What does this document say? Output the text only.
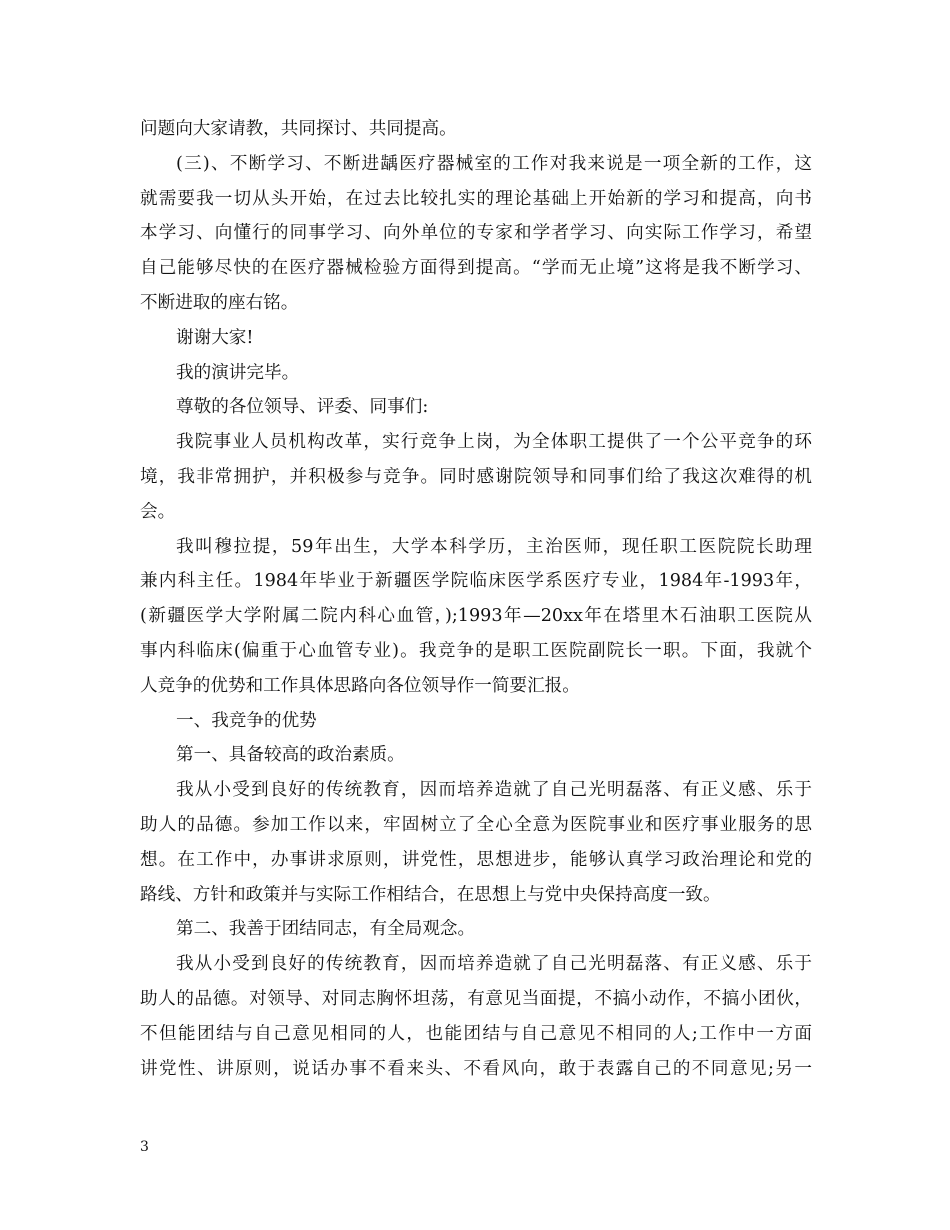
问题向大家请教，共同探讨、共同提高。
(三)、不断学习、不断进龋医疗器械室的工作对我来说是一项全新的工作，这
就需要我一切从头开始，在过去比较扎实的理论基础上开始新的学习和提高，向书
本学习、向懂行的同事学习、向外单位的专家和学者学习、向实际工作学习，希望
自己能够尽快的在医疗器械检验方面得到提高。“学而无止境”这将是我不断学习、
不断进取的座右铭。
谢谢大家!
我的演讲完毕。
尊敬的各位领导、评委、同事们:
我院事业人员机构改革，实行竞争上岗，为全体职工提供了一个公平竞争的环
境，我非常拥护，并积极参与竞争。同时感谢院领导和同事们给了我这次难得的机
会。
我叫穆拉提，59年出生，大学本科学历，主治医师，现任职工医院院长助理
兼内科主任。1984年毕业于新疆医学院临床医学系医疗专业，1984年-1993年，
(新疆医学大学附属二院内科心血管，);1993年—20xx年在塔里木石油职工医院从
事内科临床(偏重于心血管专业)。我竞争的是职工医院副院长一职。下面，我就个
人竞争的优势和工作具体思路向各位领导作一简要汇报。
一、我竞争的优势
第一、具备较高的政治素质。
我从小受到良好的传统教育，因而培养造就了自己光明磊落、有正义感、乐于
助人的品德。参加工作以来，牢固树立了全心全意为医院事业和医疗事业服务的思
想。在工作中，办事讲求原则，讲党性，思想进步，能够认真学习政治理论和党的
路线、方针和政策并与实际工作相结合，在思想上与党中央保持高度一致。
第二、我善于团结同志，有全局观念。
我从小受到良好的传统教育，因而培养造就了自己光明磊落、有正义感、乐于
助人的品德。对领导、对同志胸怀坦荡，有意见当面提，不搞小动作，不搞小团伙，
不但能团结与自己意见相同的人，也能团结与自己意见不相同的人;工作中一方面
讲党性、讲原则，说话办事不看来头、不看风向，敢于表露自己的不同意见;另一
3
